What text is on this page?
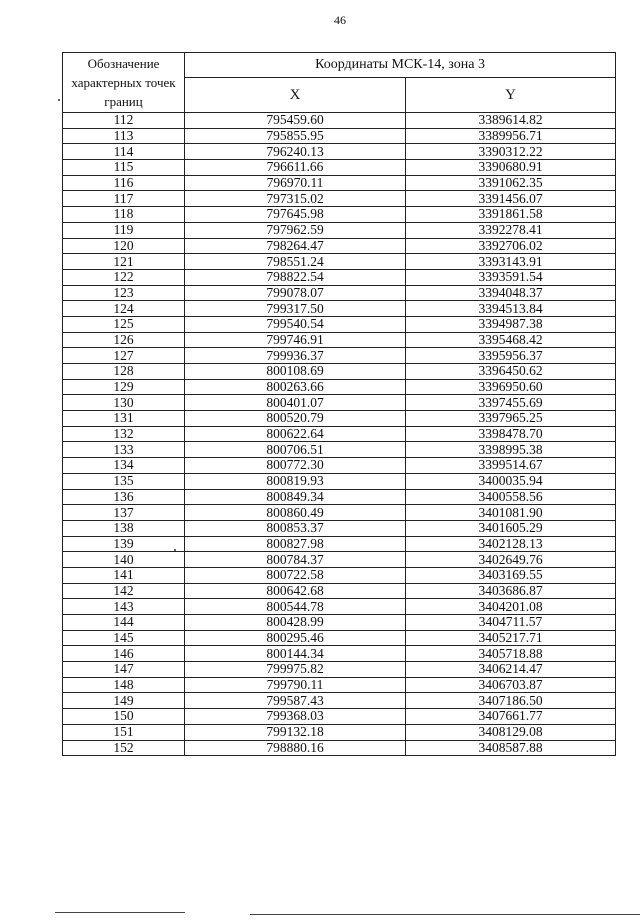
46
Обозначение характерных точек границ	Координаты МСК-14, зона 3	
	X	Y
112	795459.60	3389614.82
113	795855.95	3389956.71
114	796240.13	3390312.22
115	796611.66	3390680.91
116	796970.11	3391062.35
117	797315.02	3391456.07
118	797645.98	3391861.58
119	797962.59	3392278.41
120	798264.47	3392706.02
121	798551.24	3393143.91
122	798822.54	3393591.54
123	799078.07	3394048.37
124	799317.50	3394513.84
125	799540.54	3394987.38
126	799746.91	3395468.42
127	799936.37	3395956.37
128	800108.69	3396450.62
129	800263.66	3396950.60
130	800401.07	3397455.69
131	800520.79	3397965.25
132	800622.64	3398478.70
133	800706.51	3398995.38
134	800772.30	3399514.67
135	800819.93	3400035.94
136	800849.34	3400558.56
137	800860.49	3401081.90
138	800853.37	3401605.29
139	800827.98	3402128.13
140	800784.37	3402649.76
141	800722.58	3403169.55
142	800642.68	3403686.87
143	800544.78	3404201.08
144	800428.99	3404711.57
145	800295.46	3405217.71
146	800144.34	3405718.88
147	799975.82	3406214.47
148	799790.11	3406703.87
149	799587.43	3407186.50
150	799368.03	3407661.77
151	799132.18	3408129.08
152	798880.16	3408587.88
